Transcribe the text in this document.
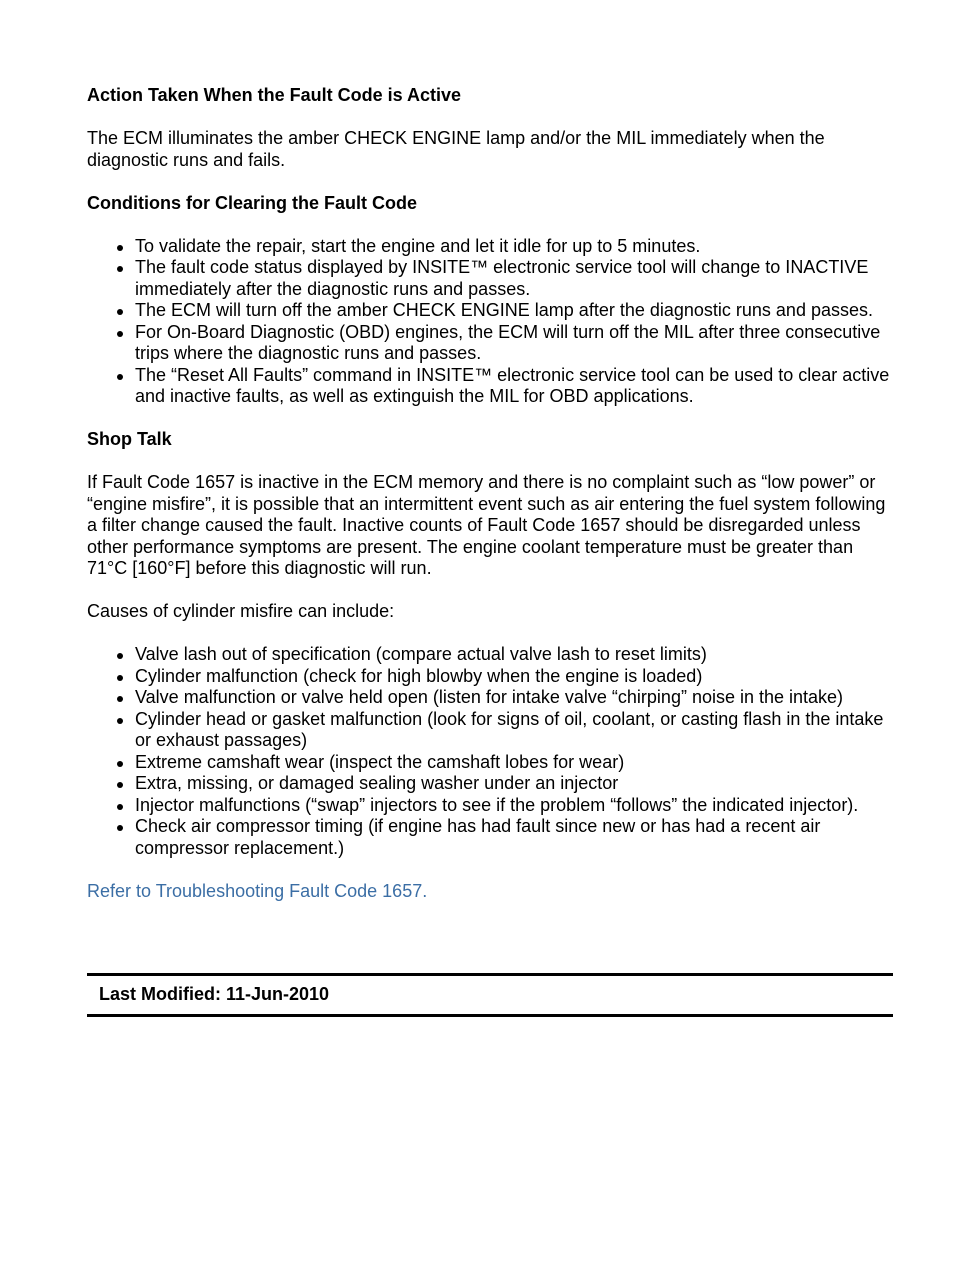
Action Taken When the Fault Code is Active

The ECM illuminates the amber CHECK ENGINE lamp and/or the MIL immediately when the diagnostic runs and fails.

Conditions for Clearing the Fault Code
To validate the repair, start the engine and let it idle for up to 5 minutes.
The fault code status displayed by INSITE™ electronic service tool will change to INACTIVE immediately after the diagnostic runs and passes.
The ECM will turn off the amber CHECK ENGINE lamp after the diagnostic runs and passes.
For On-Board Diagnostic (OBD) engines, the ECM will turn off the MIL after three consecutive trips where the diagnostic runs and passes.
The “Reset All Faults” command in INSITE™ electronic service tool can be used to clear active and inactive faults, as well as extinguish the MIL for OBD applications.
Shop Talk

If Fault Code 1657 is inactive in the ECM memory and there is no complaint such as “low power” or “engine misfire”, it is possible that an intermittent event such as air entering the fuel system following a filter change caused the fault. Inactive counts of Fault Code 1657 should be disregarded unless other performance symptoms are present. The engine coolant temperature must be greater than 71°C [160°F] before this diagnostic will run.

Causes of cylinder misfire can include:

Valve lash out of specification (compare actual valve lash to reset limits)
Cylinder malfunction (check for high blowby when the engine is loaded)
Valve malfunction or valve held open (listen for intake valve “chirping” noise in the intake)
Cylinder head or gasket malfunction (look for signs of oil, coolant, or casting flash in the intake or exhaust passages)
Extreme camshaft wear (inspect the camshaft lobes for wear)
Extra, missing, or damaged sealing washer under an injector
Injector malfunctions (“swap” injectors to see if the problem “follows” the indicated injector).
Check air compressor timing (if engine has had fault since new or has had a recent air compressor replacement.)

Refer to Troubleshooting Fault Code 1657.

Last Modified: 11-Jun-2010
